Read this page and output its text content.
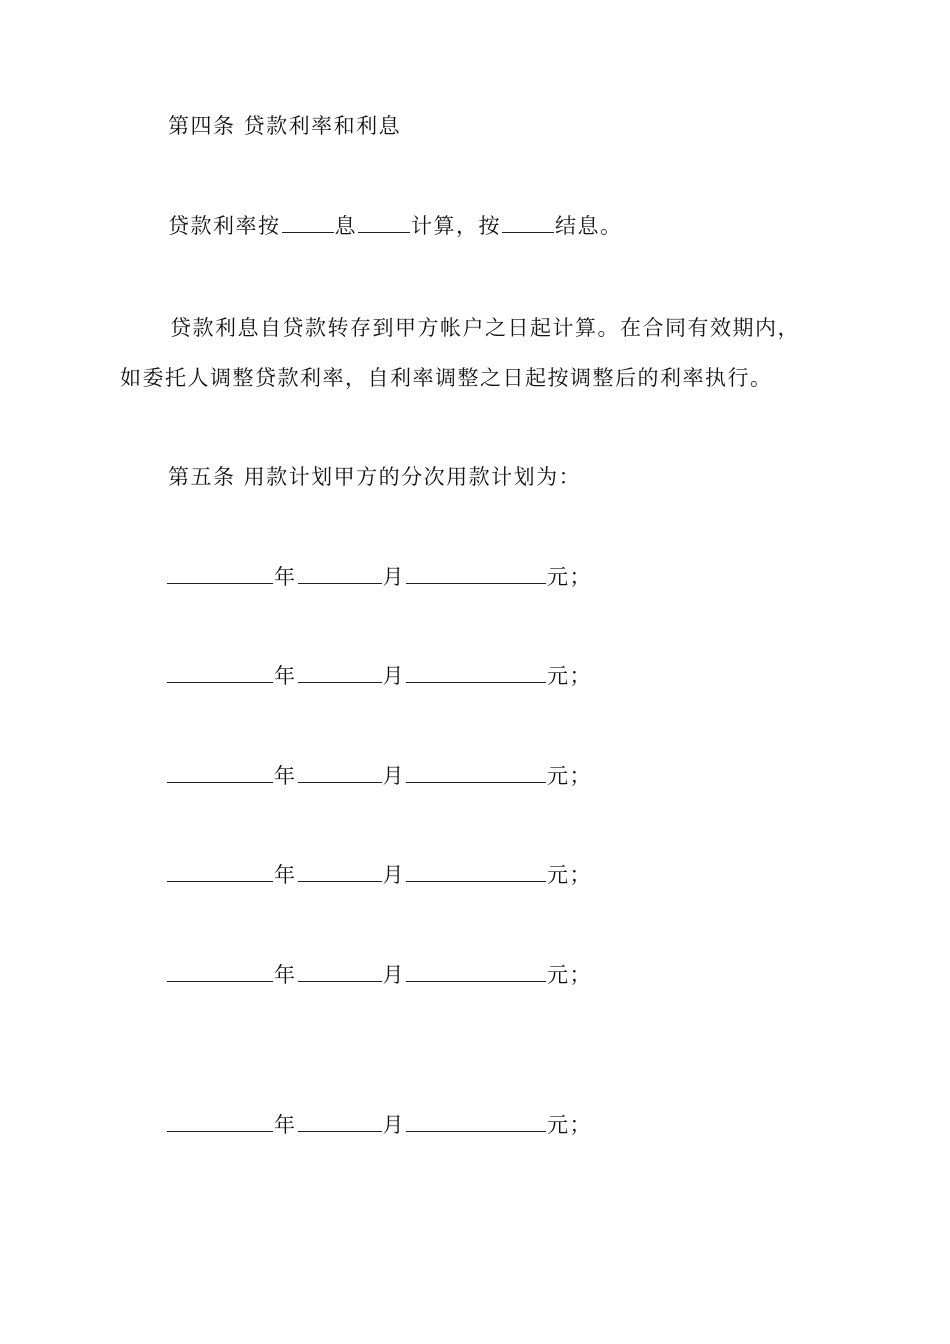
第四条 贷款利率和利息
贷款利率按	息	计算，按	结息。
贷款利息自贷款转存到甲方帐户之日起计算。在合同有效期内，
如委托人调整贷款利率，自利率调整之日起按调整后的利率执行。
第五条 用款计划甲方的分次用款计划为：
年	月	元；
年	月	元；
年	月	元；
年	月	元；
年	月	元；
年	月	元；
